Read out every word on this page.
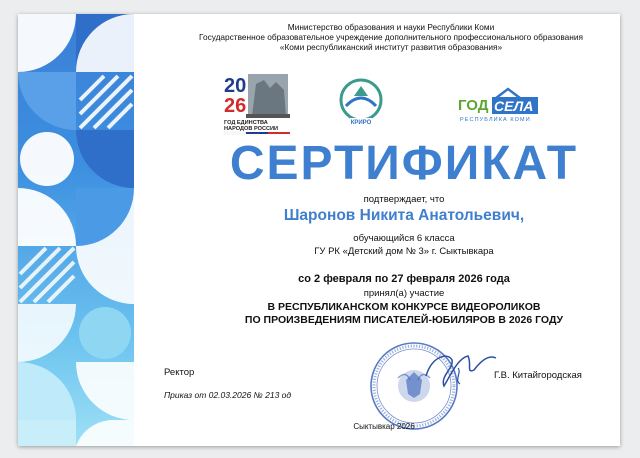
Министерство образования и науки Республики Коми
Государственное образовательное учреждение дополнительного профессионального образования
«Коми республиканский институт развития образования»
20
26
ГОД ЕДИНСТВА
НАРОДОВ РОССИИ
КРИРО
ГОД СЕЛА
РЕСПУБЛИКА КОМИ
СЕРТИФИКАТ
подтверждает, что
Шаронов Никита Анатольевич,
обучающийся 6 класса
ГУ РК «Детский дом № 3» г. Сыктывкара
со 2 февраля по 27 февраля 2026 года
принял(а) участие
В РЕСПУБЛИКАНСКОМ КОНКУРСЕ ВИДЕОРОЛИКОВ
ПО ПРОИЗВЕДЕНИЯМ ПИСАТЕЛЕЙ-ЮБИЛЯРОВ В 2026 ГОДУ
Ректор	Г.В. Китайгородская
Приказ от 02.03.2026 № 213 од
Сыктывкар 2026
